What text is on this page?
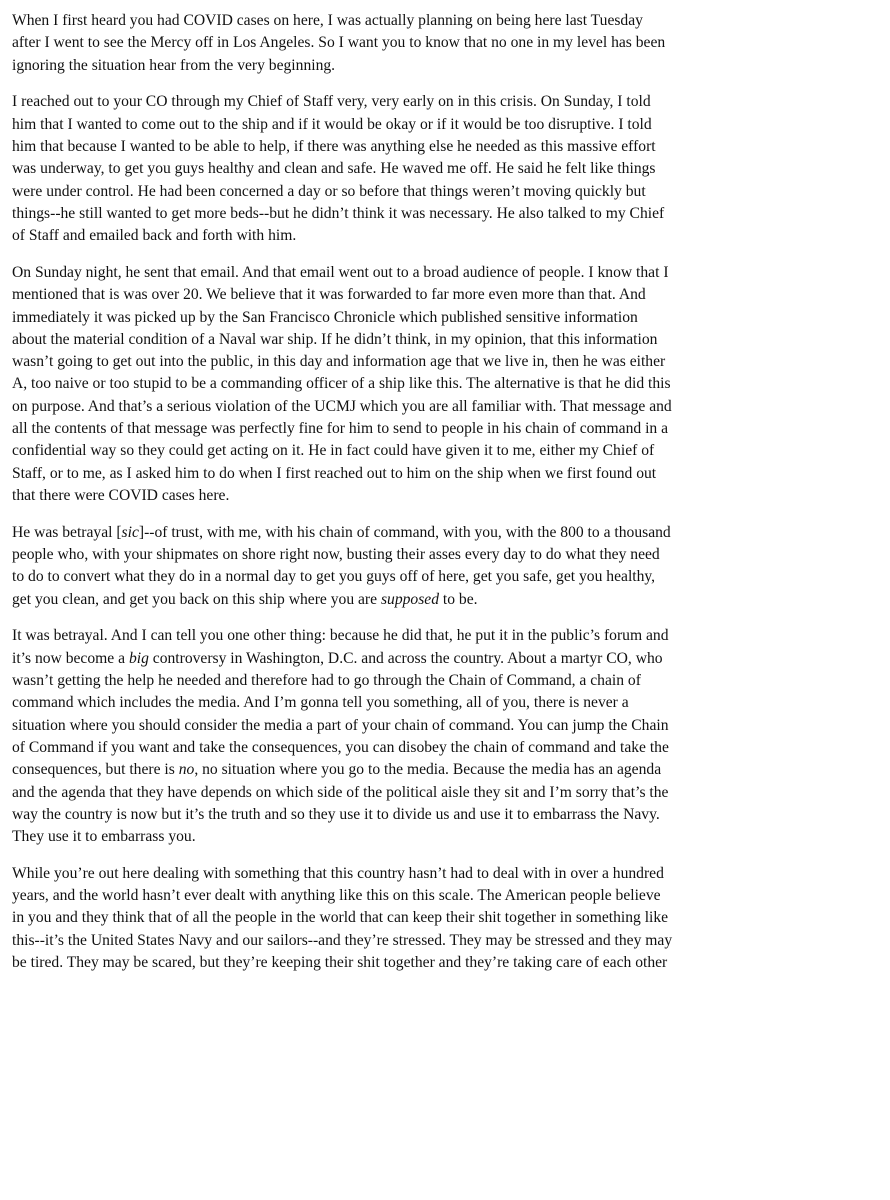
When I first heard you had COVID cases on here, I was actually planning on being here last Tuesday
after I went to see the Mercy off in Los Angeles. So I want you to know that no one in my level has been
ignoring the situation hear from the very beginning.

I reached out to your CO through my Chief of Staff very, very early on in this crisis. On Sunday, I told
him that I wanted to come out to the ship and if it would be okay or if it would be too disruptive. I told
him that because I wanted to be able to help, if there was anything else he needed as this massive effort
was underway, to get you guys healthy and clean and safe. He waved me off. He said he felt like things
were under control. He had been concerned a day or so before that things weren’t moving quickly but
things--he still wanted to get more beds--but he didn’t think it was necessary. He also talked to my Chief
of Staff and emailed back and forth with him.

On Sunday night, he sent that email. And that email went out to a broad audience of people. I know that I
mentioned that is was over 20. We believe that it was forwarded to far more even more than that. And
immediately it was picked up by the San Francisco Chronicle which published sensitive information
about the material condition of a Naval war ship. If he didn’t think, in my opinion, that this information
wasn’t going to get out into the public, in this day and information age that we live in, then he was either
A, too naive or too stupid to be a commanding officer of a ship like this. The alternative is that he did this
on purpose. And that’s a serious violation of the UCMJ which you are all familiar with. That message and
all the contents of that message was perfectly fine for him to send to people in his chain of command in a
confidential way so they could get acting on it. He in fact could have given it to me, either my Chief of
Staff, or to me, as I asked him to do when I first reached out to him on the ship when we first found out
that there were COVID cases here.

He was betrayal [sic]--of trust, with me, with his chain of command, with you, with the 800 to a thousand
people who, with your shipmates on shore right now, busting their asses every day to do what they need
to do to convert what they do in a normal day to get you guys off of here, get you safe, get you healthy,
get you clean, and get you back on this ship where you are supposed to be.

It was betrayal. And I can tell you one other thing: because he did that, he put it in the public’s forum and
it’s now become a big controversy in Washington, D.C. and across the country. About a martyr CO, who
wasn’t getting the help he needed and therefore had to go through the Chain of Command, a chain of
command which includes the media. And I’m gonna tell you something, all of you, there is never a
situation where you should consider the media a part of your chain of command. You can jump the Chain
of Command if you want and take the consequences, you can disobey the chain of command and take the
consequences, but there is no, no situation where you go to the media. Because the media has an agenda
and the agenda that they have depends on which side of the political aisle they sit and I’m sorry that’s the
way the country is now but it’s the truth and so they use it to divide us and use it to embarrass the Navy.
They use it to embarrass you.

While you’re out here dealing with something that this country hasn’t had to deal with in over a hundred
years, and the world hasn’t ever dealt with anything like this on this scale. The American people believe
in you and they think that of all the people in the world that can keep their shit together in something like
this--it’s the United States Navy and our sailors--and they’re stressed. They may be stressed and they may
be tired. They may be scared, but they’re keeping their shit together and they’re taking care of each other
